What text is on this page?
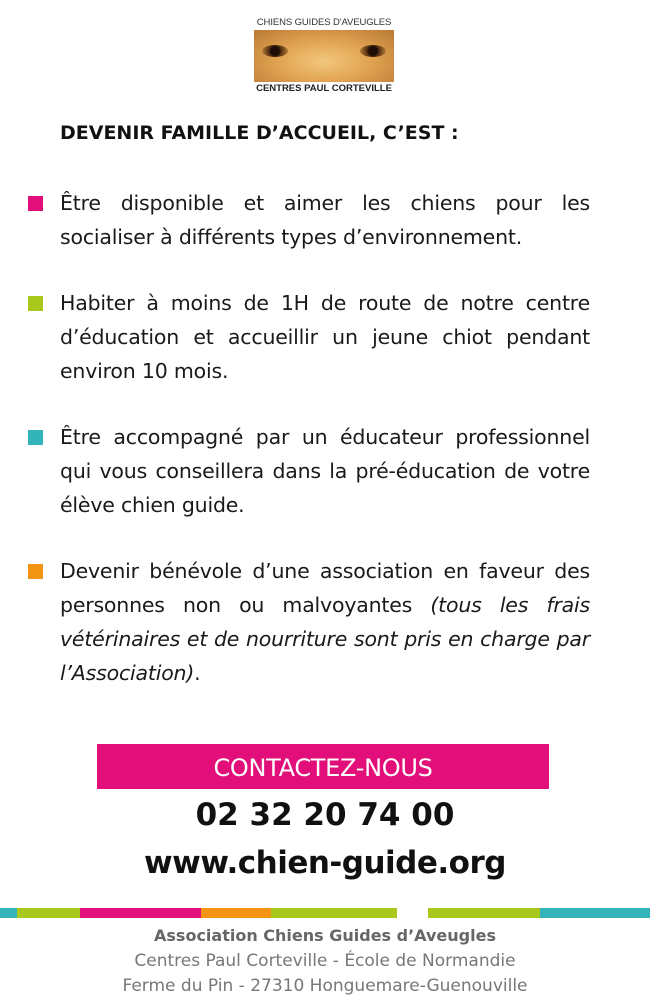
CHIENS GUIDES D'AVEUGLES
CENTRES PAUL CORTEVILLE
DEVENIR FAMILLE D’ACCUEIL, C’EST :
Être disponible et aimer les chiens pour les socialiser à différents types d’environnement.
Habiter à moins de 1H de route de notre centre d’éducation et accueillir un jeune chiot pendant environ 10 mois.
Être accompagné par un éducateur professionnel qui vous conseillera dans la pré-éducation de votre élève chien guide.
Devenir bénévole d’une association en faveur des personnes non ou malvoyantes (tous les frais vétérinaires et de nourriture sont pris en charge par l’Association).
CONTACTEZ-NOUS
02 32 20 74 00
www.chien-guide.org
Association Chiens Guides d’Aveugles
Centres Paul Corteville - École de Normandie
Ferme du Pin - 27310 Honguemare-Guenouville
